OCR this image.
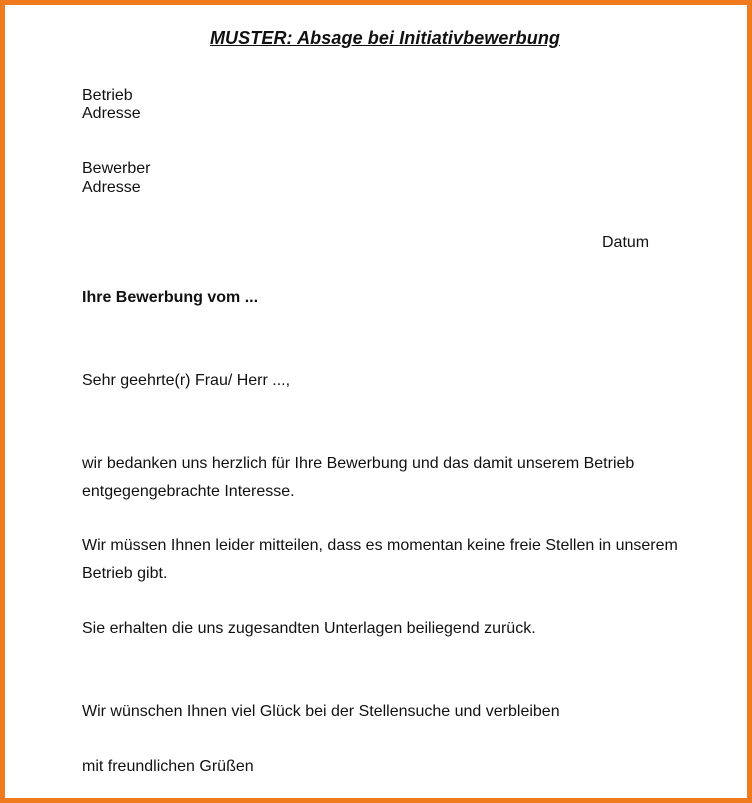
MUSTER: Absage bei Initiativbewerbung
Betrieb
Adresse
Bewerber
Adresse
Datum
Ihre Bewerbung vom ...
Sehr geehrte(r) Frau/ Herr ...,
wir bedanken uns herzlich für Ihre Bewerbung und das damit unserem Betrieb
entgegengebrachte Interesse.
Wir müssen Ihnen leider mitteilen, dass es momentan keine freie Stellen in unserem
Betrieb gibt.
Sie erhalten die uns zugesandten Unterlagen beiliegend zurück.
Wir wünschen Ihnen viel Glück bei der Stellensuche und verbleiben
mit freundlichen Grüßen
